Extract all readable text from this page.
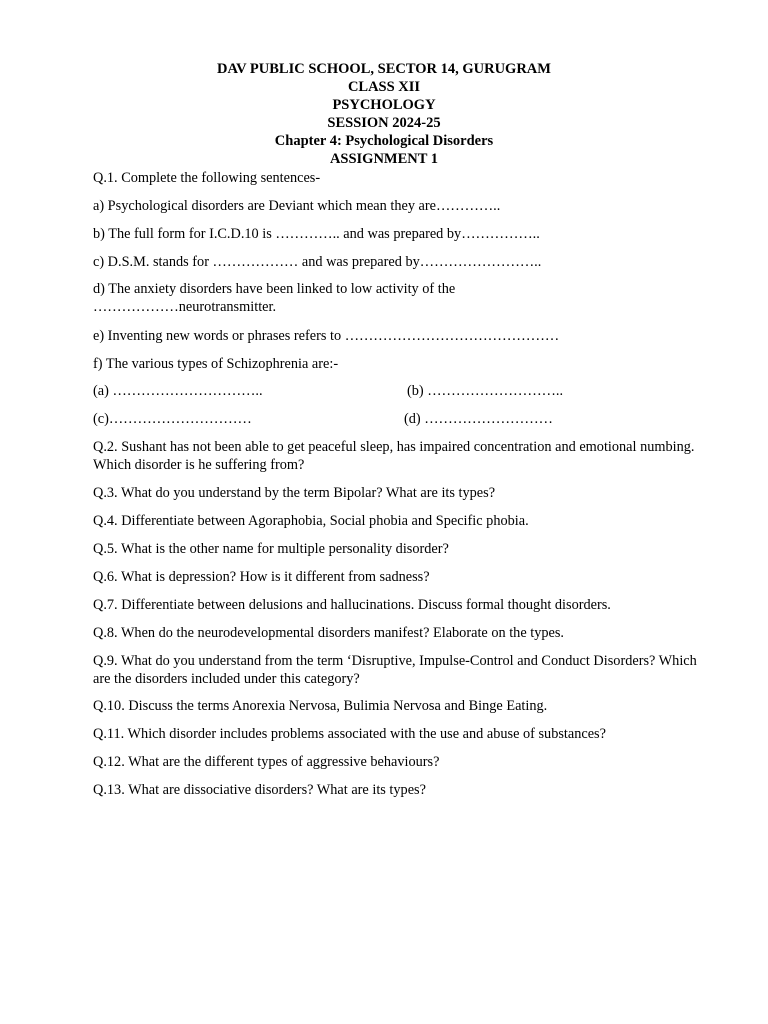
DAV PUBLIC SCHOOL, SECTOR 14, GURUGRAM
CLASS XII
PSYCHOLOGY
SESSION 2024-25
Chapter 4: Psychological Disorders
ASSIGNMENT 1
Q.1. Complete the following sentences-
a) Psychological disorders are Deviant which mean they are…………..
b) The full form for I.C.D.10 is ………….. and was prepared by……………..
c) D.S.M. stands for ……………… and was prepared by……………………..
d) The anxiety disorders have been linked to low activity of the
………………neurotransmitter.
e) Inventing new words or phrases refers to ………………………………………
f) The various types of Schizophrenia are:-
(a) …………………………..	(b) ………………………..
(c)…………………………	(d) ………………………
Q.2. Sushant has not been able to get peaceful sleep, has impaired concentration and emotional numbing. Which disorder is he suffering from?
Q.3. What do you understand by the term Bipolar? What are its types?
Q.4. Differentiate between Agoraphobia, Social phobia and Specific phobia.
Q.5. What is the other name for multiple personality disorder?
Q.6. What is depression? How is it different from sadness?
Q.7. Differentiate between delusions and hallucinations. Discuss formal thought disorders.
Q.8. When do the neurodevelopmental disorders manifest? Elaborate on the types.
Q.9. What do you understand from the term ‘Disruptive, Impulse-Control and Conduct Disorders? Which are the disorders included under this category?
Q.10. Discuss the terms Anorexia Nervosa, Bulimia Nervosa and Binge Eating.
Q.11. Which disorder includes problems associated with the use and abuse of substances?
Q.12. What are the different types of aggressive behaviours?
Q.13. What are dissociative disorders? What are its types?
